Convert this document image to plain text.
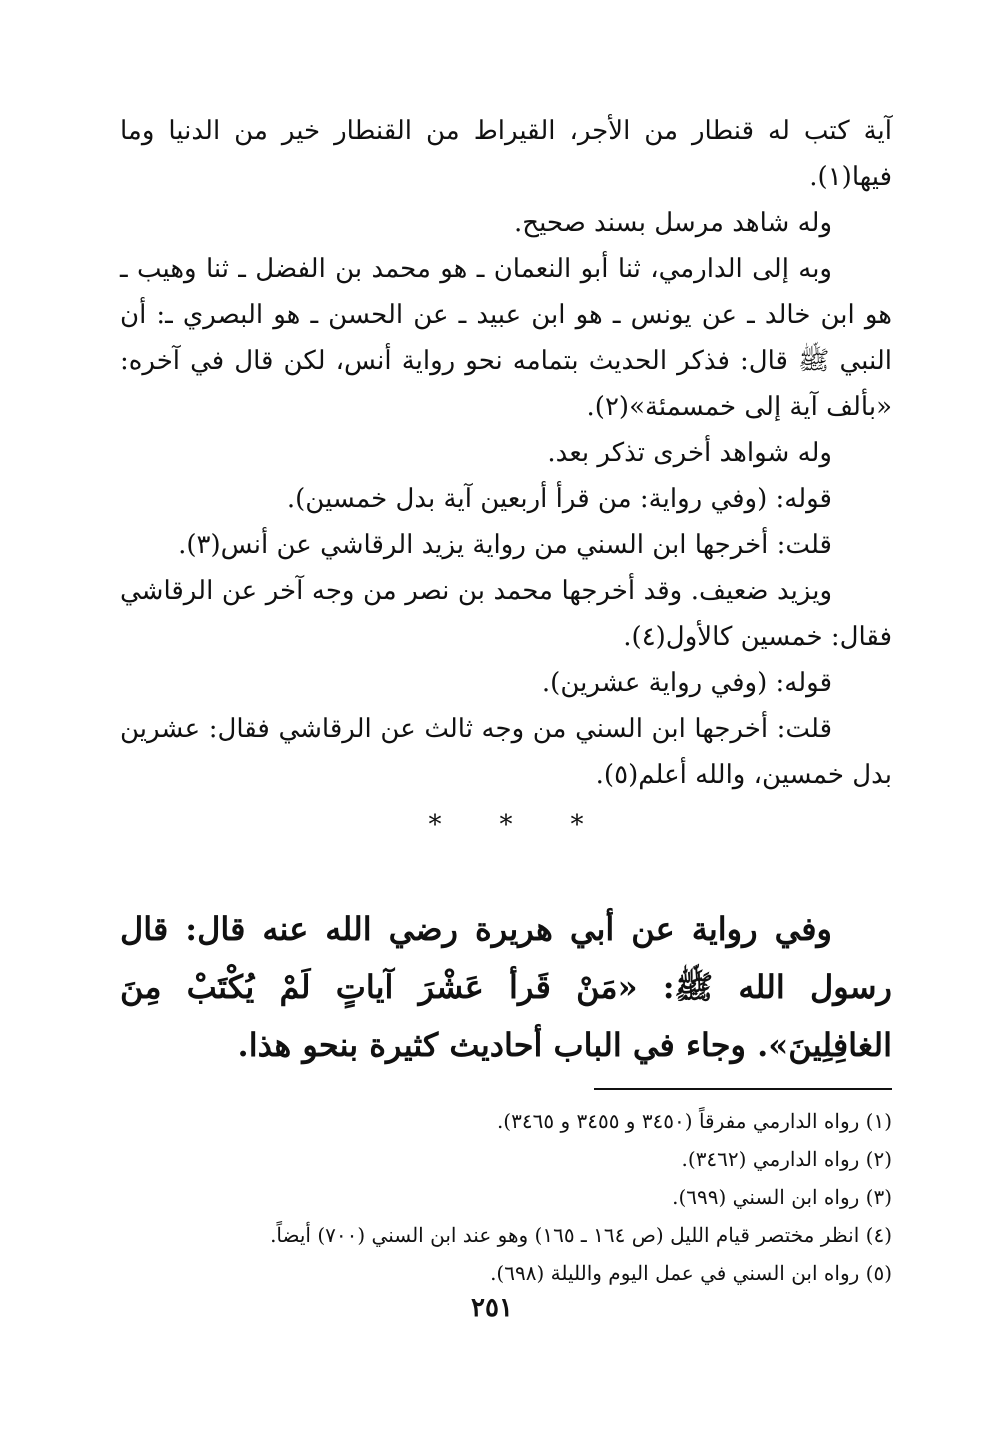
آية كتب له قنطار من الأجر، القيراط من القنطار خير من الدنيا وما فيها(١).

وله شاهد مرسل بسند صحيح.

وبه إلى الدارمي، ثنا أبو النعمان ـ هو محمد بن الفضل ـ ثنا وهيب ـ هو ابن خالد ـ عن يونس ـ هو ابن عبيد ـ عن الحسن ـ هو البصري ـ: أن النبي ﷺ قال: فذكر الحديث بتمامه نحو رواية أنس، لكن قال في آخره: «بألف آية إلى خمسمئة»(٢).

وله شواهد أخرى تذكر بعد.

قوله: (وفي رواية: من قرأ أربعين آية بدل خمسين).

قلت: أخرجها ابن السني من رواية يزيد الرقاشي عن أنس(٣).

ويزيد ضعيف. وقد أخرجها محمد بن نصر من وجه آخر عن الرقاشي فقال: خمسين كالأول(٤).

قوله: (وفي رواية عشرين).

قلت: أخرجها ابن السني من وجه ثالث عن الرقاشي فقال: عشرين بدل خمسين، والله أعلم(٥).

* * *

وفي رواية عن أبي هريرة رضي الله عنه قال: قال رسول الله ﷺ: «مَنْ قَرأ عَشْرَ آياتٍ لَمْ يُكْتَبْ مِنَ الغافِلِينَ». وجاء في الباب أحاديث كثيرة بنحو هذا.

(١) رواه الدارمي مفرقاً (٣٤٥٠ و ٣٤٥٥ و ٣٤٦٥).

(٢) رواه الدارمي (٣٤٦٢).

(٣) رواه ابن السني (٦٩٩).

(٤) انظر مختصر قيام الليل (ص ١٦٤ ـ ١٦٥) وهو عند ابن السني (٧٠٠) أيضاً.

(٥) رواه ابن السني في عمل اليوم والليلة (٦٩٨).

٢٥١
